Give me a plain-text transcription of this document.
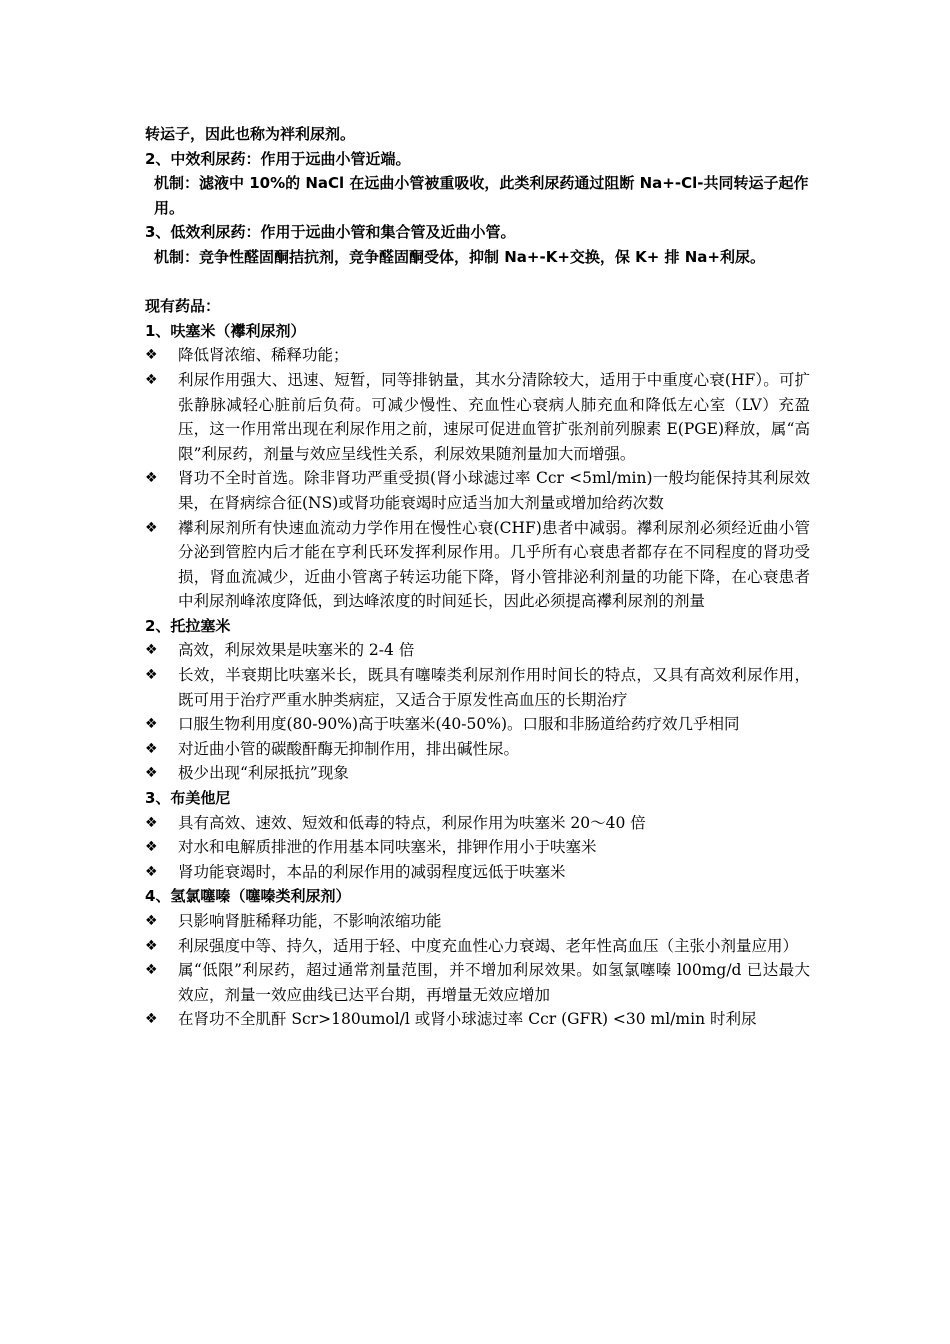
转运子，因此也称为袢利尿剂。

2、中效利尿药：作用于远曲小管近端。

机制：滤液中 10%的 NaCl 在远曲小管被重吸收，此类利尿药通过阻断 Na+-Cl-共同转运子起作用。

3、低效利尿药：作用于远曲小管和集合管及近曲小管。

机制：竞争性醛固酮拮抗剂，竞争醛固酮受体，抑制 Na+-K+交换，保 K+ 排 Na+利尿。

现有药品：

1、呋塞米（襻利尿剂）

❖ 降低肾浓缩、稀释功能；
❖ 利尿作用强大、迅速、短暂，同等排钠量，其水分清除较大，适用于中重度心衰(HF）。可扩张静脉减轻心脏前后负荷。可减少慢性、充血性心衰病人肺充血和降低左心室（LV）充盈压，这一作用常出现在利尿作用之前，速尿可促进血管扩张剂前列腺素 E(PGE)释放，属“高限”利尿药，剂量与效应呈线性关系，利尿效果随剂量加大而增强。
❖ 肾功不全时首选。除非肾功严重受损(肾小球滤过率 Ccr <5ml/min)一般均能保持其利尿效果，在肾病综合征(NS)或肾功能衰竭时应适当加大剂量或增加给药次数
❖ 襻利尿剂所有快速血流动力学作用在慢性心衰(CHF)患者中减弱。襻利尿剂必须经近曲小管分泌到管腔内后才能在亨利氏环发挥利尿作用。几乎所有心衰患者都存在不同程度的肾功受损，肾血流减少，近曲小管离子转运功能下降，肾小管排泌利剂量的功能下降，在心衰患者中利尿剂峰浓度降低，到达峰浓度的时间延长，因此必须提高襻利尿剂的剂量

2、托拉塞米

❖ 高效，利尿效果是呋塞米的 2-4 倍
❖ 长效，半衰期比呋塞米长，既具有噻嗪类利尿剂作用时间长的特点，又具有高效利尿作用，既可用于治疗严重水肿类病症，又适合于原发性高血压的长期治疗
❖ 口服生物利用度(80-90%)高于呋塞米(40-50%)。口服和非肠道给药疗效几乎相同
❖ 对近曲小管的碳酸酐酶无抑制作用，排出碱性尿。
❖ 极少出现“利尿抵抗”现象

3、布美他尼

❖ 具有高效、速效、短效和低毒的特点，利尿作用为呋塞米 20～40 倍
❖ 对水和电解质排泄的作用基本同呋塞米，排钾作用小于呋塞米
❖ 肾功能衰竭时，本品的利尿作用的减弱程度远低于呋塞米

4、氢氯噻嗪（噻嗪类利尿剂）

❖ 只影响肾脏稀释功能，不影响浓缩功能
❖ 利尿强度中等、持久，适用于轻、中度充血性心力衰竭、老年性高血压（主张小剂量应用）
❖ 属“低限”利尿药，超过通常剂量范围，并不增加利尿效果。如氢氯噻嗪 l00mg/d 已达最大效应，剂量一效应曲线已达平台期，再增量无效应增加
❖ 在肾功不全肌酐 Scr>180umol/l 或肾小球滤过率 Ccr (GFR) <30 ml/min 时利尿
